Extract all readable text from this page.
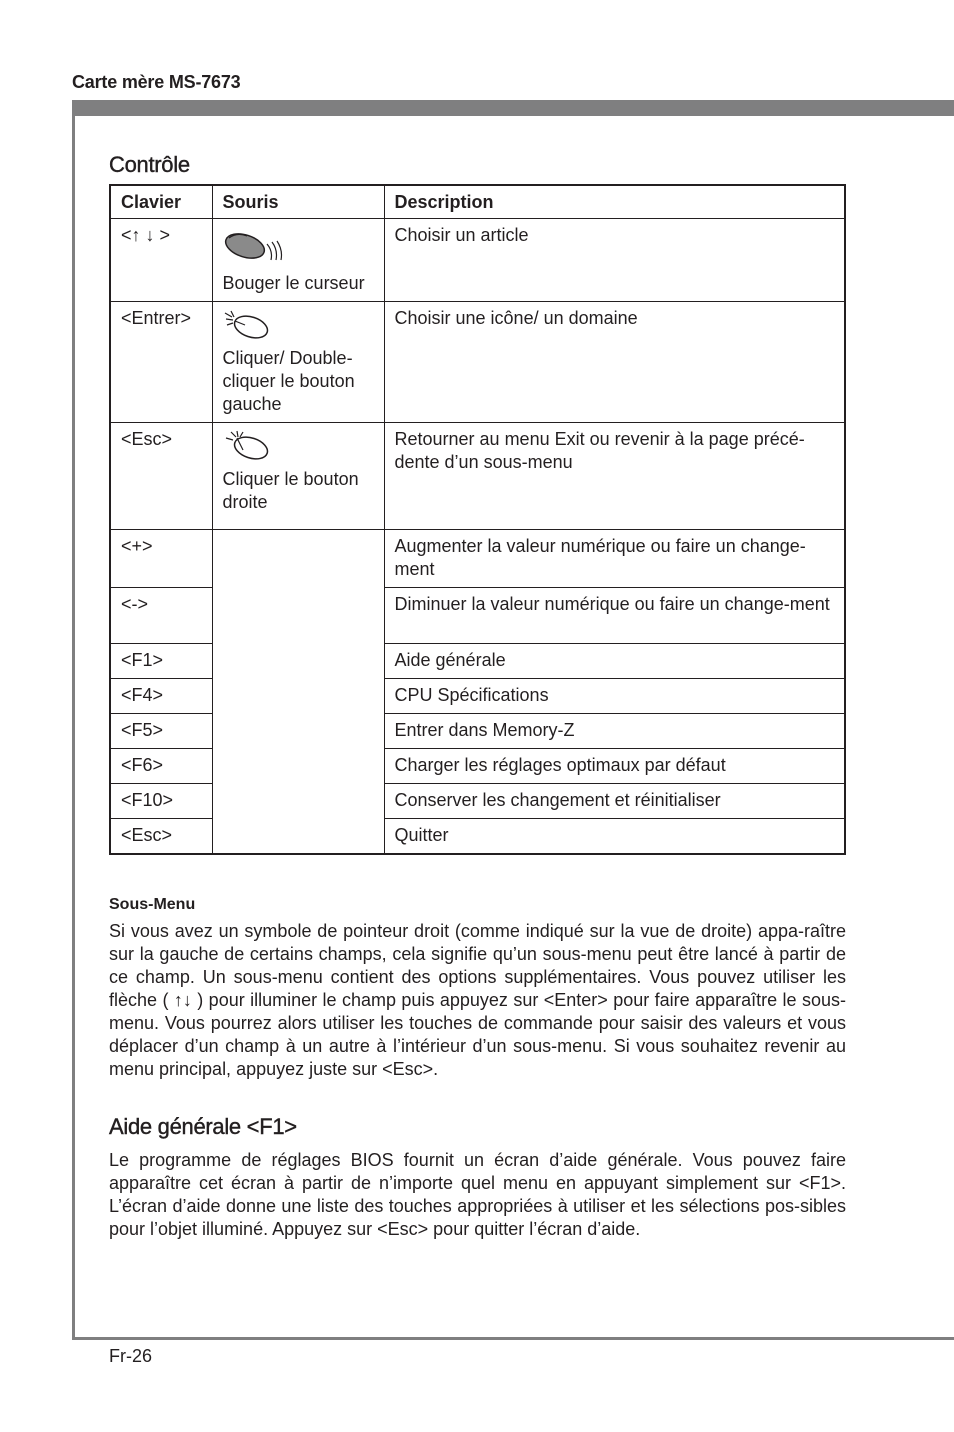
Carte mère MS-7673
Contrôle
Clavier	Souris	Description
<↑ ↓ >	Bouger le curseur	Choisir un article
<Entrer>	Cliquer/ Double-cliquer le bouton gauche	Choisir une icône/ un domaine
<Esc>	Cliquer le bouton droite	Retourner au menu Exit ou revenir à la page précé-dente d’un sous-menu
<+>		Augmenter la valeur numérique ou faire un change-ment
<->		Diminuer la valeur numérique ou faire un change-ment
<F1>		Aide générale
<F4>		CPU Spécifications
<F5>		Entrer dans Memory-Z
<F6>		Charger les réglages optimaux par défaut
<F10>		Conserver les changement et réinitialiser
<Esc>		Quitter
Sous-Menu
Si vous avez un symbole de pointeur droit (comme indiqué sur la vue de droite) appa-raître sur la gauche de certains champs, cela signifie qu’un sous-menu peut être lancé à partir de ce champ. Un sous-menu contient des options supplémentaires. Vous pouvez utiliser les flèche ( ↑↓ ) pour illuminer le champ puis appuyez sur <Enter> pour faire apparaître le sous-menu. Vous pourrez alors utiliser les touches de commande pour saisir des valeurs et vous déplacer d’un champ à un autre à l’intérieur d’un sous-menu. Si vous souhaitez revenir au menu principal, appuyez juste sur <Esc>.
Aide générale <F1>
Le programme de réglages BIOS fournit un écran d’aide générale. Vous pouvez faire apparaître cet écran à partir de n’importe quel menu en appuyant simplement sur <F1>. L’écran d’aide donne une liste des touches appropriées à utiliser et les sélections pos-sibles pour l’objet illuminé. Appuyez sur <Esc> pour quitter l’écran d’aide.
Fr-26
